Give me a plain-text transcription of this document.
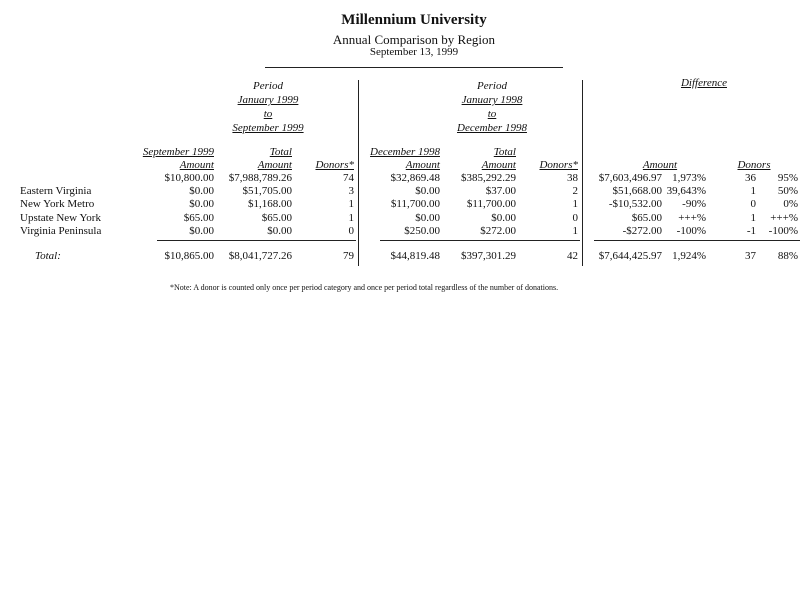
Millennium University
Annual Comparison by Region
September 13, 1999
Period
January 1999
to
September 1999
Period
January 1998
to
December 1998
Difference
September 1999
Amount
Total
Amount	Donors*
December 1998
Amount
Total
Amount	Donors*	Amount	Donors
$10,800.00	$7,988,789.26	74	$32,869.48	$385,292.29	38	$7,603,496.97 1,973%	36	95%
Eastern Virginia	$0.00	$51,705.00	3	$0.00	$37.00	2	$51,668.00 39,643%	1	50%
New York Metro	$0.00	$1,168.00	1	$11,700.00	$11,700.00	1	-$10,532.00	-90%	0	0%
Upstate New York	$65.00	$65.00	1	$0.00	$0.00	0	$65.00	+++%	1	+++%
Virginia Peninsula	$0.00	$0.00	0	$250.00	$272.00	1	-$272.00	-100%	-1	-100%
Total:	$10,865.00	$8,041,727.26	79	$44,819.48	$397,301.29	42	$7,644,425.97 1,924%	37	88%
*Note: A donor is counted only once per period category and once per period total regardless of the number of donations.
